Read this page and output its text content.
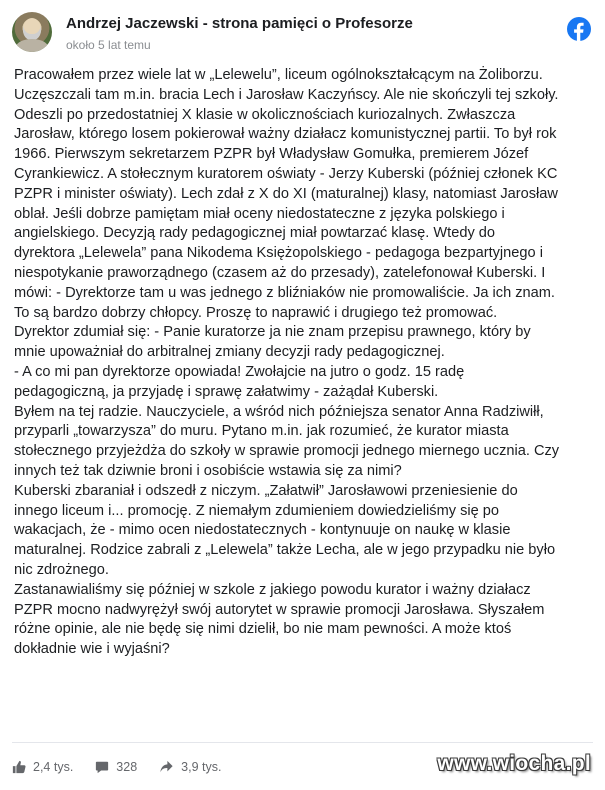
Andrzej Jaczewski - strona pamięci o Profesorze
około 5 lat temu

Pracowałem przez wiele lat w „Lelewelu”, liceum ogólnokształcącym na Żoliborzu.
Uczęszczali tam m.in. bracia Lech i Jarosław Kaczyńscy. Ale nie skończyli tej szkoły.
Odeszli po przedostatniej X klasie w okolicznościach kuriozalnych. Zwłaszcza
Jarosław, którego losem pokierował ważny działacz komunistycznej partii. To był rok
1966. Pierwszym sekretarzem PZPR był Władysław Gomułka, premierem Józef
Cyrankiewicz. A stołecznym kuratorem oświaty - Jerzy Kuberski (później członek KC
PZPR i minister oświaty). Lech zdał z X do XI (maturalnej) klasy, natomiast Jarosław
oblał. Jeśli dobrze pamiętam miał oceny niedostateczne z języka polskiego i
angielskiego. Decyzją rady pedagogicznej miał powtarzać klasę. Wtedy do
dyrektora „Lelewela” pana Nikodema Księżopolskiego - pedagoga bezpartyjnego i
niespotykanie praworządnego (czasem aż do przesady), zatelefonował Kuberski. I
mówi: - Dyrektorze tam u was jednego z bliźniaków nie promowaliście. Ja ich znam.
To są bardzo dobrzy chłopcy. Proszę to naprawić i drugiego też promować.

Dyrektor zdumiał się: - Panie kuratorze ja nie znam przepisu prawnego, który by
mnie upoważniał do arbitralnej zmiany decyzji rady pedagogicznej.

- A co mi pan dyrektorze opowiada! Zwołajcie na jutro o godz. 15 radę
pedagogiczną, ja przyjadę i sprawę załatwimy - zażądał Kuberski.

Byłem na tej radzie. Nauczyciele, a wśród nich późniejsza senator Anna Radziwiłł,
przyparli „towarzysza” do muru. Pytano m.in. jak rozumieć, że kurator miasta
stołecznego przyjeżdża do szkoły w sprawie promocji jednego miernego ucznia. Czy
innych też tak dziwnie broni i osobiście wstawia się za nimi?

Kuberski zbaraniał i odszedł z niczym. „Załatwił” Jarosławowi przeniesienie do
innego liceum i... promocję. Z niemałym zdumieniem dowiedzieliśmy się po
wakacjach, że - mimo ocen niedostatecznych - kontynuuje on naukę w klasie
maturalnej. Rodzice zabrali z „Lelewela” także Lecha, ale w jego przypadku nie było
nic zdrożnego.

Zastanawialiśmy się później w szkole z jakiego powodu kurator i ważny działacz
PZPR mocno nadwyrężył swój autorytet w sprawie promocji Jarosława. Słyszałem
różne opinie, ale nie będę się nimi dzielił, bo nie mam pewności. A może ktoś
dokładnie wie i wyjaśni?

2,4 tys.	328	3,9 tys.	www.wiocha.pl
